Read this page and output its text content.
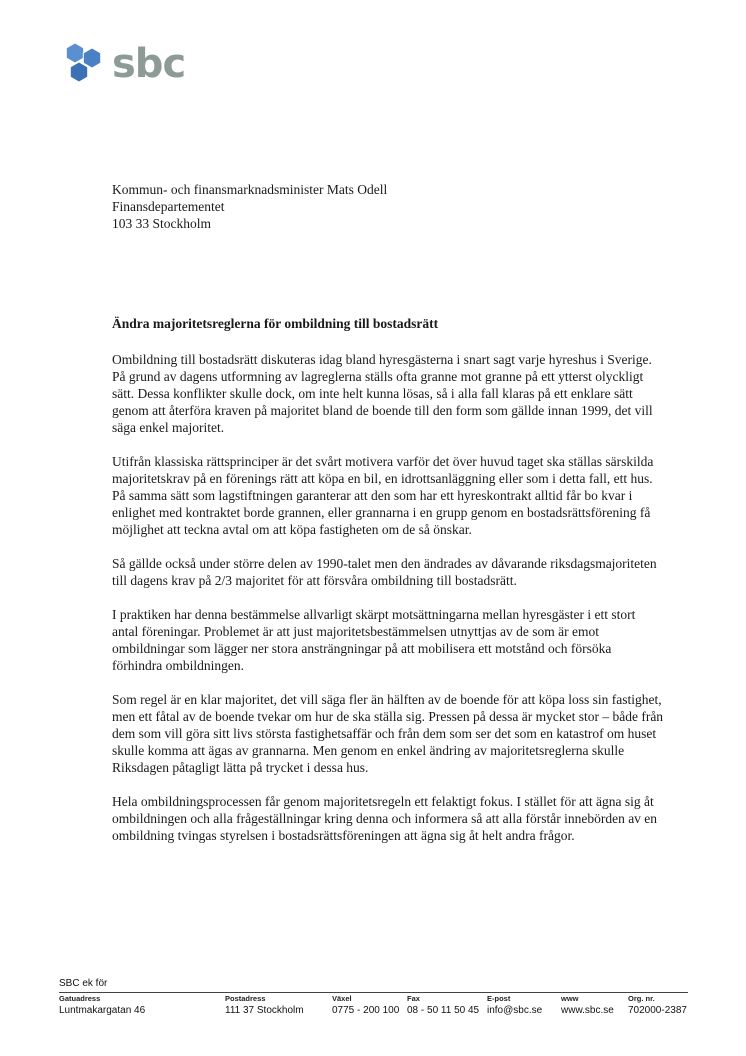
sbc
Kommun- och finansmarknadsminister Mats Odell
Finansdepartementet
103 33 Stockholm
Ändra majoritetsreglerna för ombildning till bostadsrätt

Ombildning till bostadsrätt diskuteras idag bland hyresgästerna i snart sagt varje hyreshus i Sverige. På grund av dagens utformning av lagreglerna ställs ofta granne mot granne på ett ytterst olyckligt sätt. Dessa konflikter skulle dock, om inte helt kunna lösas, så i alla fall klaras på ett enklare sätt genom att återföra kraven på majoritet bland de boende till den form som gällde innan 1999, det vill säga enkel majoritet.

Utifrån klassiska rättsprinciper är det svårt motivera varför det över huvud taget ska ställas särskilda majoritetskrav på en förenings rätt att köpa en bil, en idrottsanläggning eller som i detta fall, ett hus. På samma sätt som lagstiftningen garanterar att den som har ett hyreskontrakt alltid får bo kvar i enlighet med kontraktet borde grannen, eller grannarna i en grupp genom en bostadsrättsförening få möjlighet att teckna avtal om att köpa fastigheten om de så önskar.

Så gällde också under större delen av 1990-talet men den ändrades av dåvarande riksdagsmajoriteten till dagens krav på 2/3 majoritet för att försvåra ombildning till bostadsrätt.

I praktiken har denna bestämmelse allvarligt skärpt motsättningarna mellan hyresgäster i ett stort antal föreningar. Problemet är att just majoritetsbestämmelsen utnyttjas av de som är emot ombildningar som lägger ner stora ansträngningar på att mobilisera ett motstånd och försöka förhindra ombildningen.

Som regel är en klar majoritet, det vill säga fler än hälften av de boende för att köpa loss sin fastighet, men ett fåtal av de boende tvekar om hur de ska ställa sig. Pressen på dessa är mycket stor – både från dem som vill göra sitt livs största fastighetsaffär och från dem som ser det som en katastrof om huset skulle komma att ägas av grannarna. Men genom en enkel ändring av majoritetsreglerna skulle Riksdagen påtagligt lätta på trycket i dessa hus.

Hela ombildningsprocessen får genom majoritetsregeln ett felaktigt fokus. I stället för att ägna sig åt ombildningen och alla frågeställningar kring denna och informera så att alla förstår innebörden av en ombildning tvingas styrelsen i bostadsrättsföreningen att ägna sig åt helt andra frågor.

SBC ek för
Gatuadress
Luntmakargatan 46
Postadress
111 37 Stockholm
Växel
0775 - 200 100
Fax
08 - 50 11 50 45
E-post
info@sbc.se
www
www.sbc.se
Org. nr.
702000-2387
